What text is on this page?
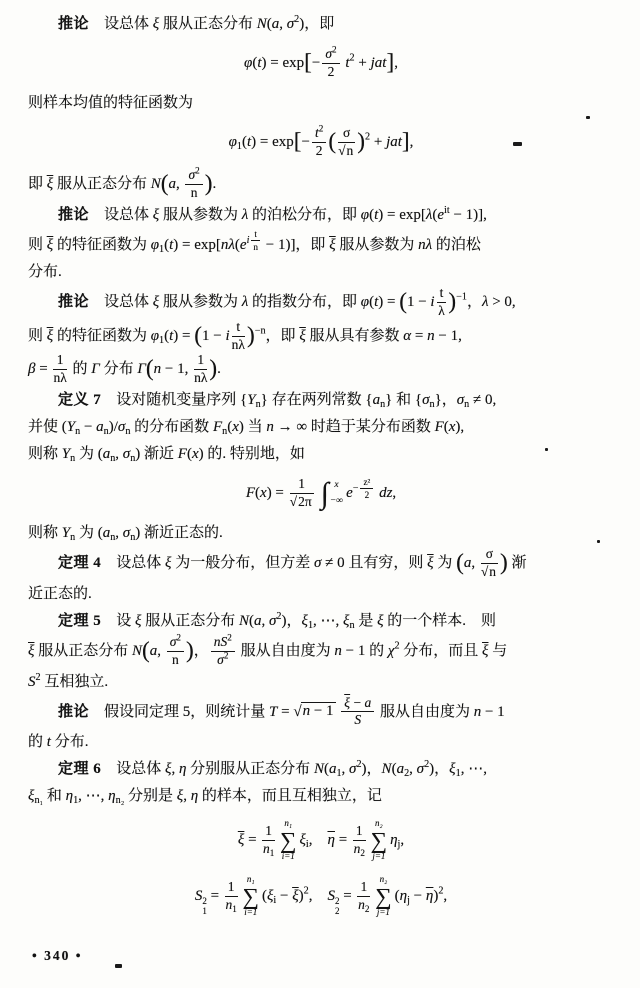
推论　设总体 ξ 服从正态分布 N(a, $\sigma^2$)，即
$\varphi(t) = \exp[- \frac{\sigma^2}{2} t^2 + jat]$,
则样本均值的特征函数为
$\varphi_1(t) = \exp[- \frac{t^2}{2}$ ( $\frac{\sigma}{√ n} )^2 + jat$],
即 $\overline{\xi}$ 服从正态分布 N(a, $\frac{\sigma^2}{n}$ ).
推论　设总体 ξ 服从参数为 λ 的泊松分布，即 $\varphi(t) = \exp[\lambda(e^{it} - 1)]$,
则 $\overline{\xi}$ 的特征函数为 $\varphi_1(t) = \exp[n\lambda(e^{i \frac{t}{n}} - 1)]$，即 $\overline{\xi}$ 服从参数为 nλ 的泊松
分布.
推论　设总体 ξ 服从参数为 λ 的指数分布，即 φ(t) = (1 − i $\frac{t}{\lambda} )^{-1}$，λ > 0,
则 $\overline{\xi}$ 的特征函数为 $\varphi_1(t) = (1 - i \frac{t}{n\lambda} )^{-n}$，即 $\overline{\xi}$ 服从具有参数 α = n − 1,
$\beta = \frac{1}{n\lambda}$ 的 Γ 分布 Γ(n − 1, $\frac{1}{n\lambda}$ ).
定义 7　设对随机变量序列 $\{Y_n\}$ 存在两列常数 $\{a_n\}$ 和 $\{\sigma_n\}$，$\sigma_n \ne 0$,
并使 $(Y_n - a_n)/\sigma_n$ 的分布函数 $F_n(x)$ 当 n → ∞ 时趋于某分布函数 F(x),
则称 $Y_n$ 为 ($a_n$, $\sigma_n$) 渐近 F(x) 的. 特别地，如
$F(x) = \frac{1}{√ 2\pi}$ ∫ x
−∞ $e^{- \frac{\text{z²}}{2}}$ dz,
则称 $Y_n$ 为 ($a_n$, $\sigma_n$) 渐近正态的.
定理 4　设总体 ξ 为一般分布，但方差 σ ≠ 0 且有穷，则 $\overline{\xi}$ 为 (a, $\frac{\sigma}{√ n}$ ) 渐
近正态的.
定理 5　设 ξ 服从正态分布 N(a, $\sigma^2$)，$\xi_1$, ⋯, $\xi_n$ 是 ξ 的一个样本.　则
$\overline{\xi}$ 服从正态分布 N(a, $\frac{\sigma^2}{n}$ )， $\frac{nS^2}{\sigma^2}$ 服从自由度为 n − 1 的 $\chi^2$ 分布，而且 $\overline{\xi}$ 与
$S^2$ 互相独立.
推论　假设同定理 5，则统计量 T = √ $n - 1 \frac{\overline{\xi} - a}{S}$ 服从自由度为 n − 1
的 t 分布.
定理 6　设总体 ξ, η 分别服从正态分布 $N(a_1$, $\sigma^2$)，$N(a_2$, $\sigma^2$)，$\xi_1$, ⋯,
$\xi_{n_1}$ 和 $\eta_1$, ⋯, $\eta_{n_2}$ 分别是 ξ, η 的样本，而且互相独立，记
$\overline{\xi} = \frac{1}{n_1}$
n₁
∑
i=1
$\xi_i$,　$\overline{\eta} = \frac{1}{n_2}$
n₂
∑
j=1
$\eta_j$,
S 2
1
= $\frac{1}{n_1}$
n₁
∑
i=1
$(\xi_i - \overline{\xi})^2$,　S 2
2
= $\frac{1}{n_2}$
n₂
∑
j=1
$(\eta_j - \overline{\eta})^2$,
• 340 •
